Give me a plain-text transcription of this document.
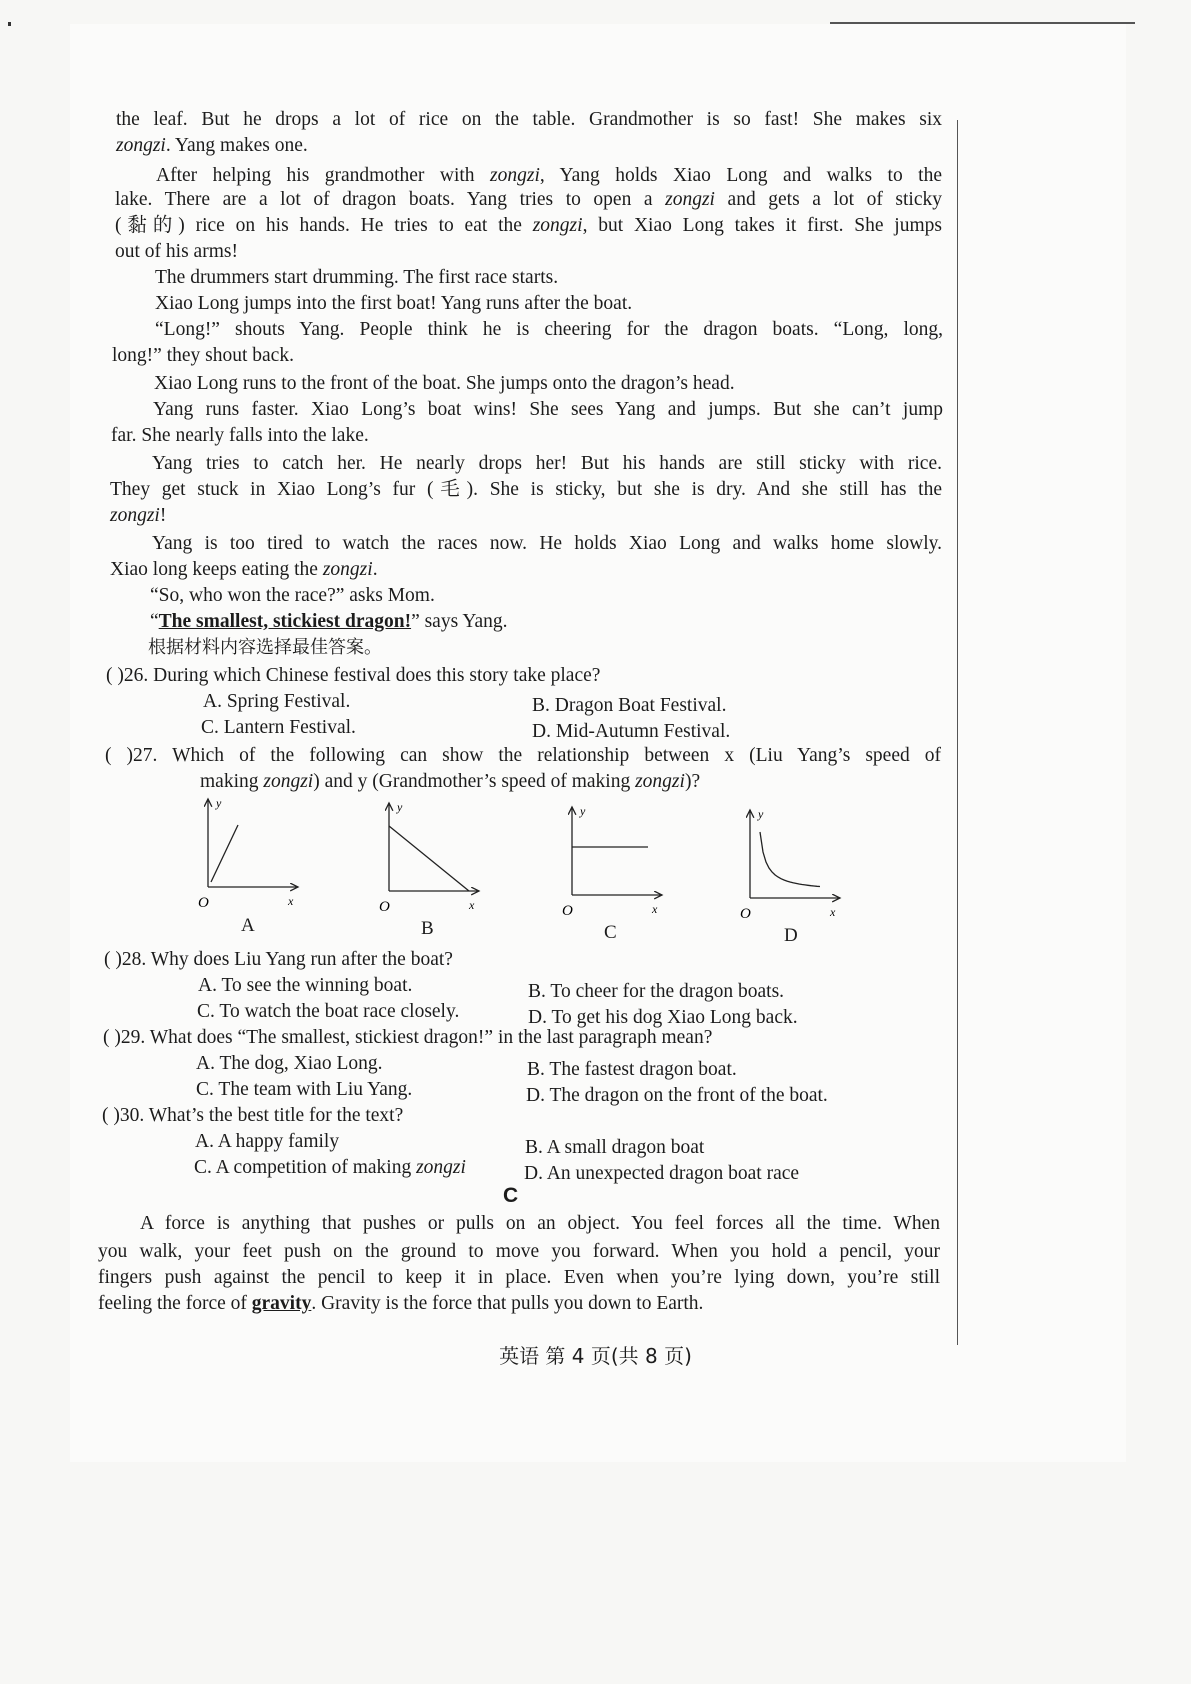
the leaf. But he drops a lot of rice on the table. Grandmother is so fast! She makes six
zongzi. Yang makes one.
After helping his grandmother with zongzi, Yang holds Xiao Long and walks to the
lake. There are a lot of dragon boats. Yang tries to open a zongzi and gets a lot of sticky
(黏的) rice on his hands. He tries to eat the zongzi, but Xiao Long takes it first. She jumps
out of his arms!
The drummers start drumming. The first race starts.
Xiao Long jumps into the first boat! Yang runs after the boat.
“Long!” shouts Yang. People think he is cheering for the dragon boats. “Long, long,
long!” they shout back.
Xiao Long runs to the front of the boat. She jumps onto the dragon’s head.
Yang runs faster. Xiao Long’s boat wins! She sees Yang and jumps. But she can’t jump
far. She nearly falls into the lake.
Yang tries to catch her. He nearly drops her! But his hands are still sticky with rice.
They get stuck in Xiao Long’s fur (毛). She is sticky, but she is dry. And she still has the
zongzi!
Yang is too tired to watch the races now. He holds Xiao Long and walks home slowly.
Xiao long keeps eating the zongzi.
“So, who won the race?” asks Mom.
“The smallest, stickiest dragon!” says Yang.
根据材料内容选择最佳答案。
( )26. During which Chinese festival does this story take place?
A. Spring Festival.	B. Dragon Boat Festival.
C. Lantern Festival.	D. Mid-Autumn Festival.
( )27. Which of the following can show the relationship between x (Liu Yang’s speed of
making zongzi) and y (Grandmother’s speed of making zongzi)?
y
x
O
y
x
O
y
x
O
y
x
O
A	B	C	D
( )28. Why does Liu Yang run after the boat?
A. To see the winning boat.	B. To cheer for the dragon boats.
C. To watch the boat race closely.	D. To get his dog Xiao Long back.
( )29. What does “The smallest, stickiest dragon!” in the last paragraph mean?
A. The dog, Xiao Long.	B. The fastest dragon boat.
C. The team with Liu Yang.	D. The dragon on the front of the boat.
( )30. What’s the best title for the text?
A. A happy family	B. A small dragon boat
C. A competition of making zongzi	D. An unexpected dragon boat race
C
A force is anything that pushes or pulls on an object. You feel forces all the time. When
you walk, your feet push on the ground to move you forward. When you hold a pencil, your
fingers push against the pencil to keep it in place. Even when you’re lying down, you’re still
feeling the force of gravity. Gravity is the force that pulls you down to Earth.
英语 第 4 页(共 8 页)
